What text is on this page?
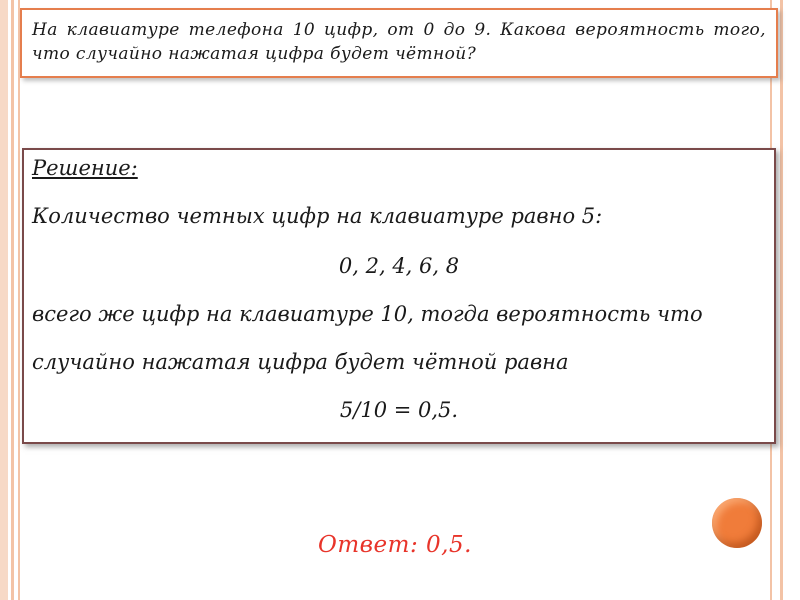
На клавиатуре телефона 10 цифр, от 0 до 9. Какова вероятность того, что случайно нажатая цифра будет чётной?
Решение:
Количество четных цифр на клавиатуре равно 5:
0, 2, 4, 6, 8
всего же цифр на клавиатуре 10, тогда вероятность что
случайно нажатая цифра будет чётной равна
5/10 = 0,5.
Ответ: 0,5.
